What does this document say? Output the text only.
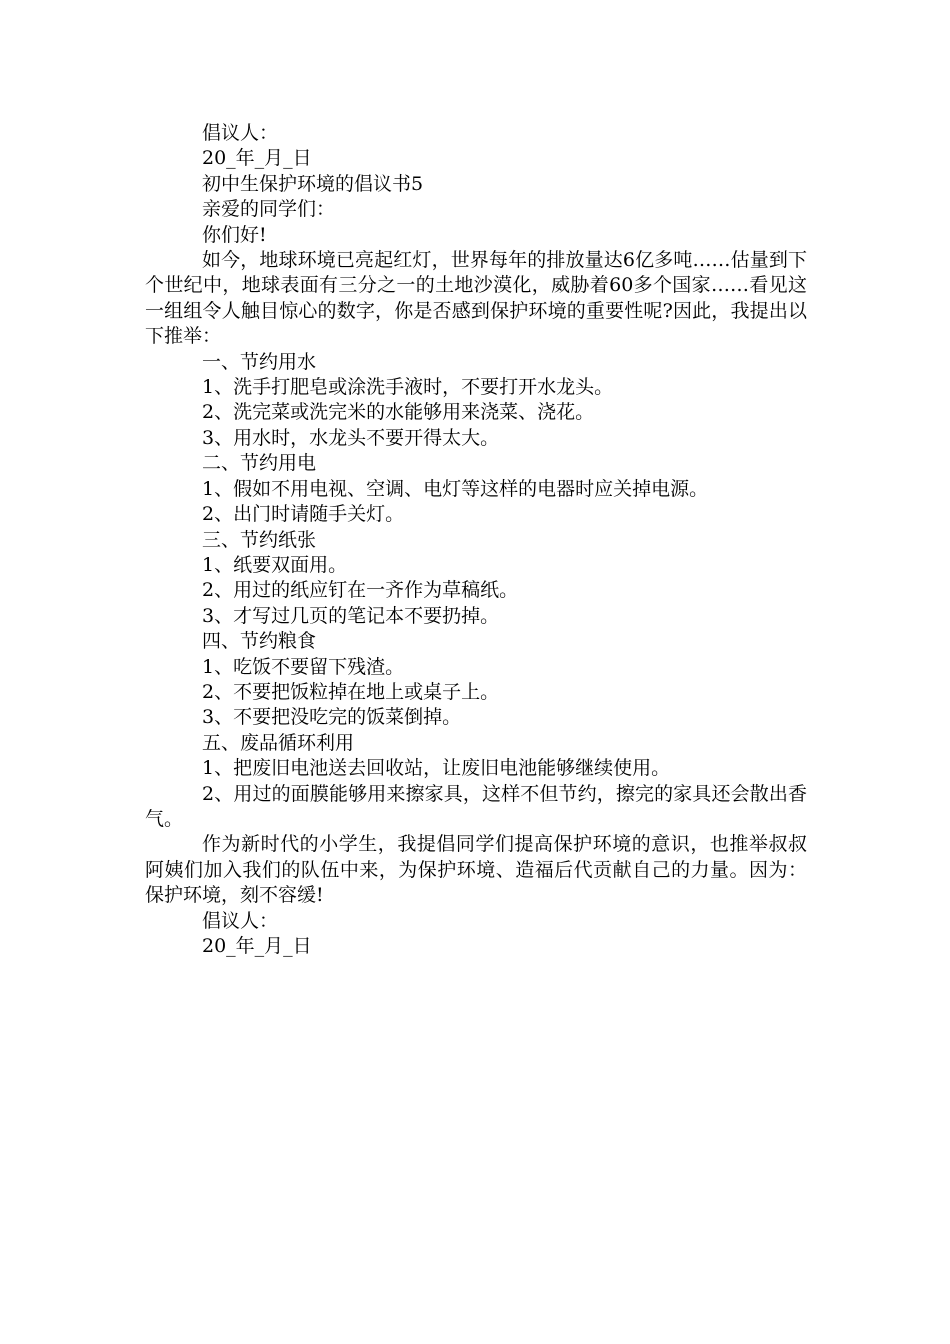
倡议人：

20_年_月_日

初中生保护环境的倡议书5

亲爱的同学们：

你们好!

如今，地球环境已亮起红灯，世界每年的排放量达6亿多吨……估量到下个世纪中，地球表面有三分之一的土地沙漠化，威胁着60多个国家……看见这一组组令人触目惊心的数字，你是否感到保护环境的重要性呢?因此，我提出以下推举：

一、节约用水

1、洗手打肥皂或涂洗手液时，不要打开水龙头。

2、洗完菜或洗完米的水能够用来浇菜、浇花。

3、用水时，水龙头不要开得太大。

二、节约用电

1、假如不用电视、空调、电灯等这样的电器时应关掉电源。

2、出门时请随手关灯。

三、节约纸张

1、纸要双面用。

2、用过的纸应钉在一齐作为草稿纸。

3、才写过几页的笔记本不要扔掉。

四、节约粮食

1、吃饭不要留下残渣。

2、不要把饭粒掉在地上或桌子上。

3、不要把没吃完的饭菜倒掉。

五、废品循环利用

1、把废旧电池送去回收站，让废旧电池能够继续使用。

2、用过的面膜能够用来擦家具，这样不但节约，擦完的家具还会散出香气。

作为新时代的小学生，我提倡同学们提高保护环境的意识，也推举叔叔阿姨们加入我们的队伍中来，为保护环境、造福后代贡献自己的力量。因为：保护环境，刻不容缓!

倡议人：

20_年_月_日
